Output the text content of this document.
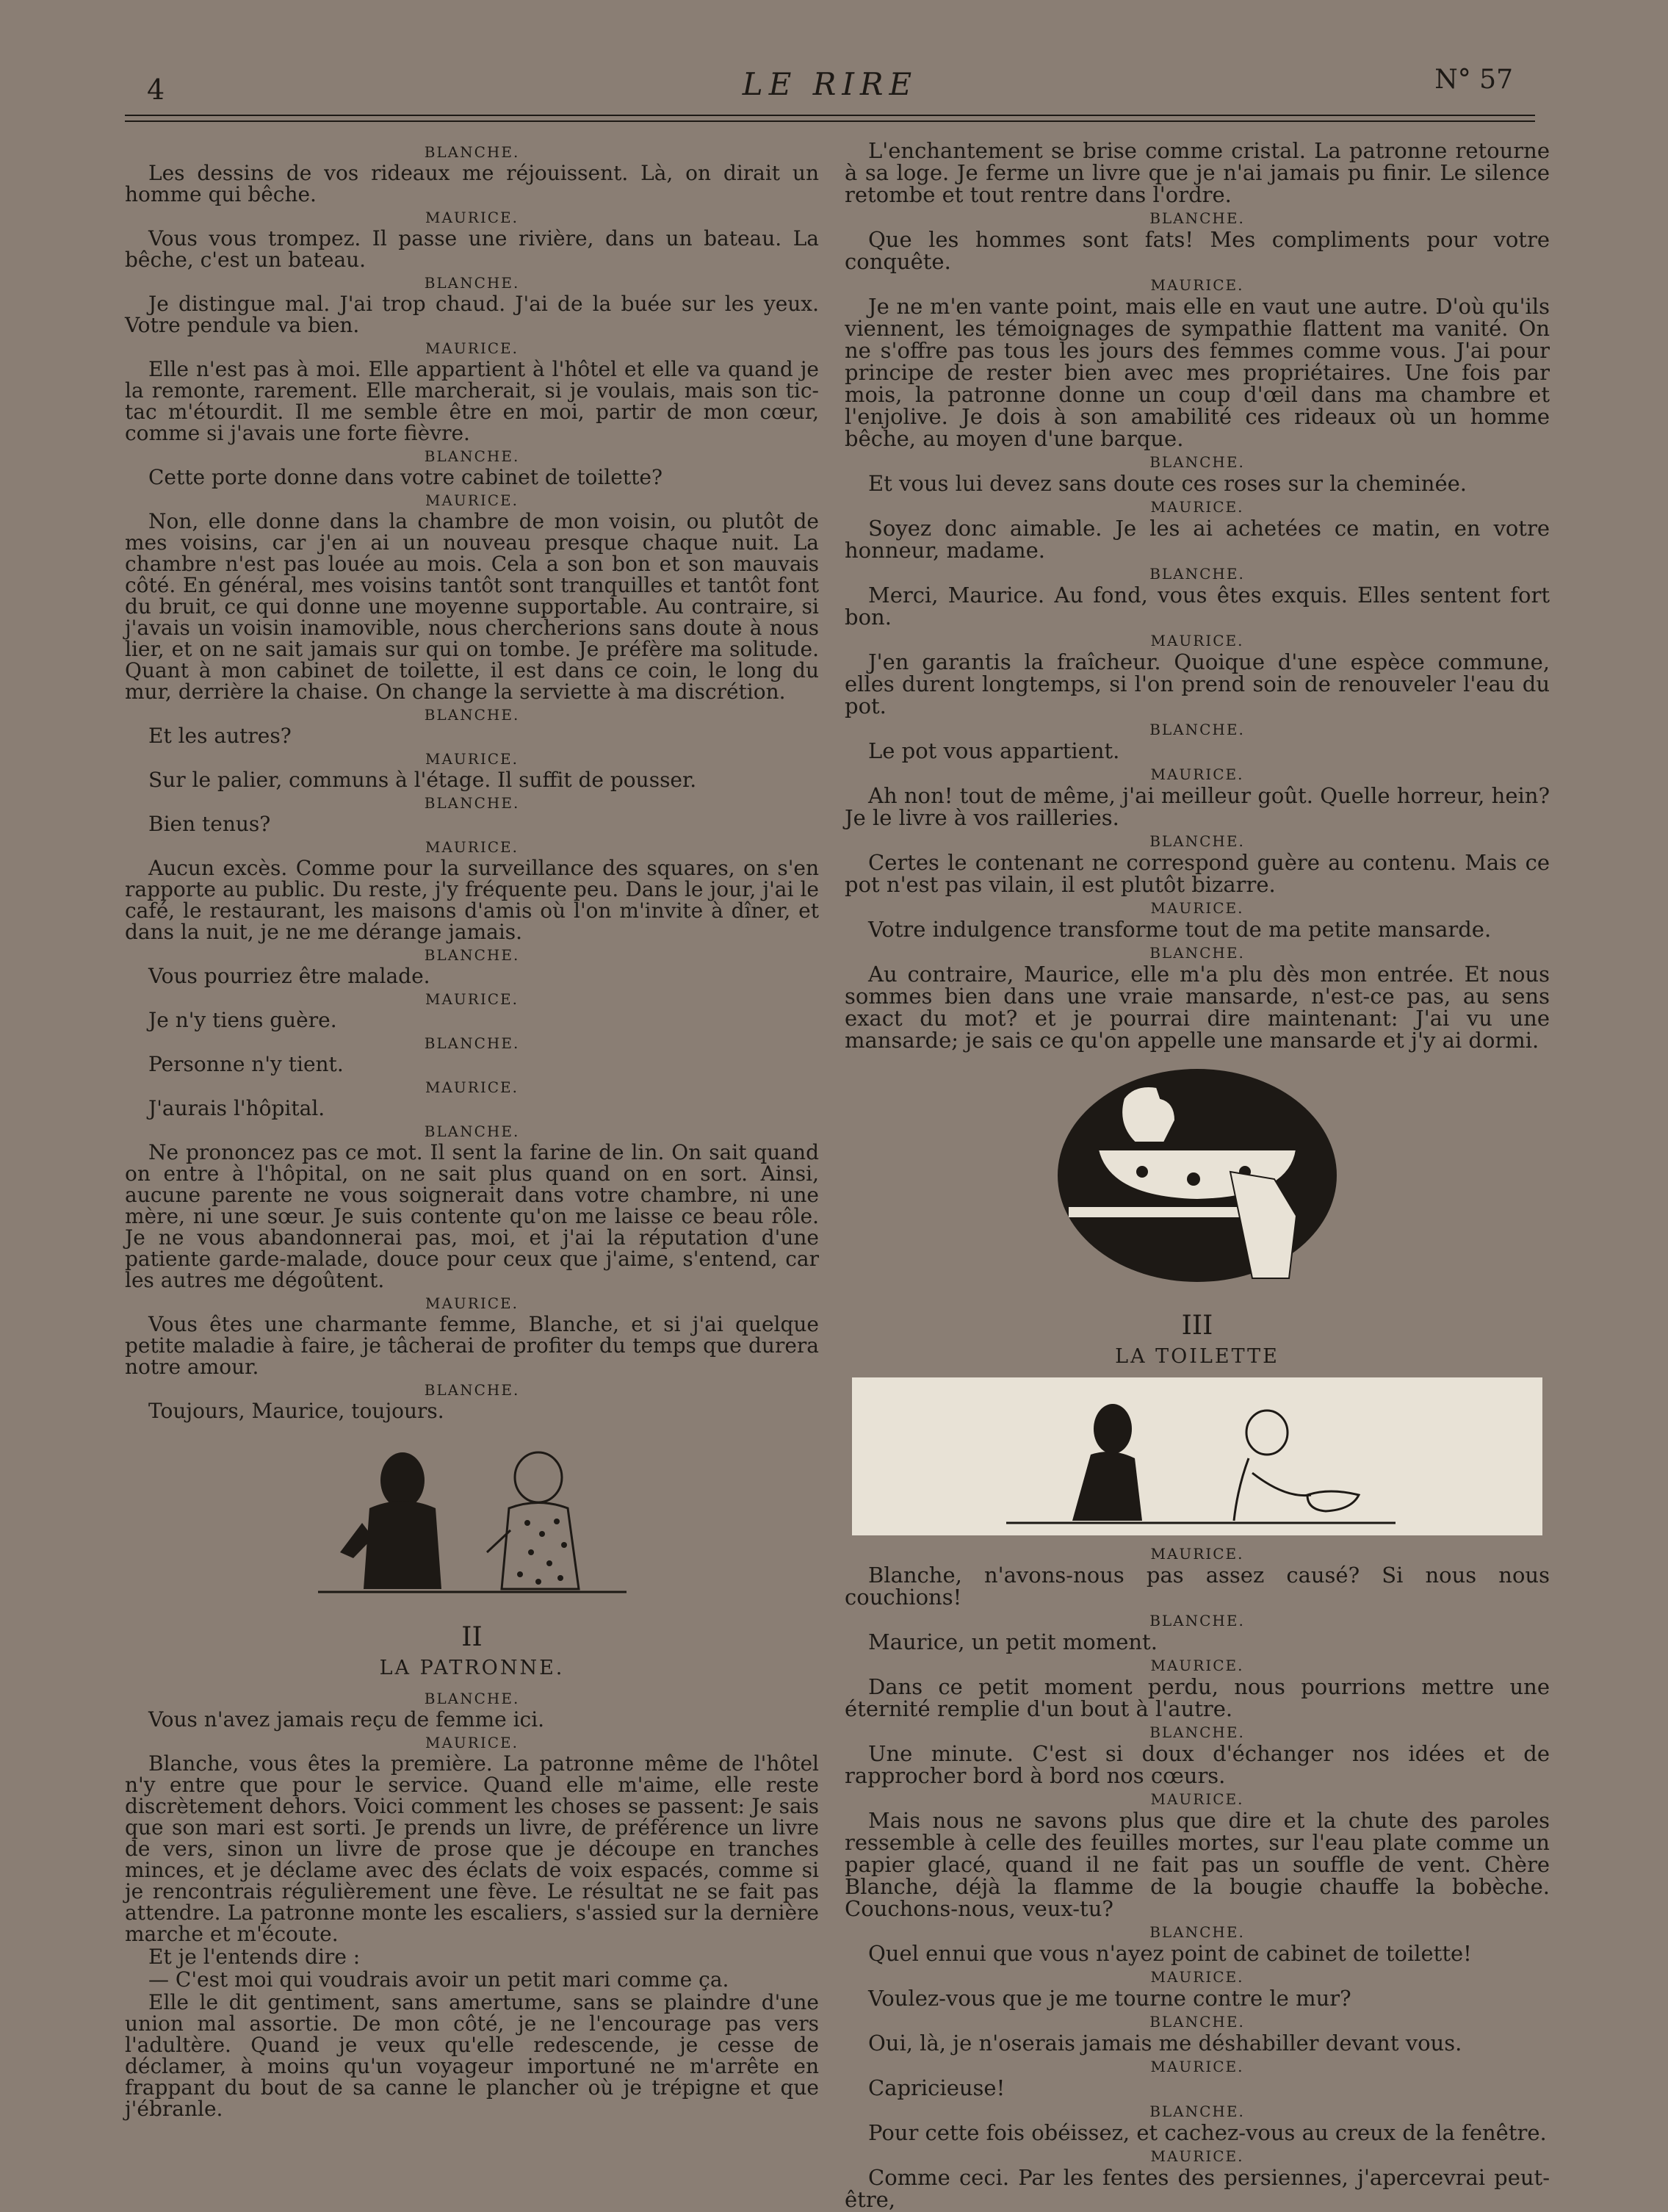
4	LE RIRE	N° 57
BLANCHE.
Les dessins de vos rideaux me réjouissent. Là, on dirait un homme qui bêche.
MAURICE.
Vous vous trompez. Il passe une rivière, dans un bateau. La bêche, c'est un bateau.
BLANCHE.
Je distingue mal. J'ai trop chaud. J'ai de la buée sur les yeux. Votre pendule va bien.
MAURICE.
Elle n'est pas à moi. Elle appartient à l'hôtel et elle va quand je la remonte, rarement. Elle marcherait, si je voulais, mais son tic-tac m'étourdit. Il me semble être en moi, partir de mon cœur, comme si j'avais une forte fièvre.
BLANCHE.
Cette porte donne dans votre cabinet de toilette?
MAURICE.
Non, elle donne dans la chambre de mon voisin, ou plutôt de mes voisins, car j'en ai un nouveau presque chaque nuit. La chambre n'est pas louée au mois. Cela a son bon et son mauvais côté. En général, mes voisins tantôt sont tranquilles et tantôt font du bruit, ce qui donne une moyenne supportable. Au contraire, si j'avais un voisin inamovible, nous chercherions sans doute à nous lier, et on ne sait jamais sur qui on tombe. Je préfère ma solitude. Quant à mon cabinet de toilette, il est dans ce coin, le long du mur, derrière la chaise. On change la serviette à ma discrétion.
BLANCHE.
Et les autres?
MAURICE.
Sur le palier, communs à l'étage. Il suffit de pousser.
BLANCHE.
Bien tenus?
MAURICE.
Aucun excès. Comme pour la surveillance des squares, on s'en rapporte au public. Du reste, j'y fréquente peu. Dans le jour, j'ai le café, le restaurant, les maisons d'amis où l'on m'invite à dîner, et dans la nuit, je ne me dérange jamais.
BLANCHE.
Vous pourriez être malade.
MAURICE.
Je n'y tiens guère.
BLANCHE.
Personne n'y tient.
MAURICE.
J'aurais l'hôpital.
BLANCHE.
Ne prononcez pas ce mot. Il sent la farine de lin. On sait quand on entre à l'hôpital, on ne sait plus quand on en sort. Ainsi, aucune parente ne vous soignerait dans votre chambre, ni une mère, ni une sœur. Je suis contente qu'on me laisse ce beau rôle. Je ne vous abandonnerai pas, moi, et j'ai la réputation d'une patiente garde-malade, douce pour ceux que j'aime, s'entend, car les autres me dégoûtent.
MAURICE.
Vous êtes une charmante femme, Blanche, et si j'ai quelque petite maladie à faire, je tâcherai de profiter du temps que durera notre amour.
BLANCHE.
Toujours, Maurice, toujours.
II
LA PATRONNE.
BLANCHE.
Vous n'avez jamais reçu de femme ici.
MAURICE.
Blanche, vous êtes la première. La patronne même de l'hôtel n'y entre que pour le service. Quand elle m'aime, elle reste discrètement dehors. Voici comment les choses se passent: Je sais que son mari est sorti. Je prends un livre, de préférence un livre de vers, sinon un livre de prose que je découpe en tranches minces, et je déclame avec des éclats de voix espacés, comme si je rencontrais régulièrement une fève. Le résultat ne se fait pas attendre. La patronne monte les escaliers, s'assied sur la dernière marche et m'écoute.
Et je l'entends dire :
— C'est moi qui voudrais avoir un petit mari comme ça.
Elle le dit gentiment, sans amertume, sans se plaindre d'une union mal assortie. De mon côté, je ne l'encourage pas vers l'adultère. Quand je veux qu'elle redescende, je cesse de déclamer, à moins qu'un voyageur importuné ne m'arrête en frappant du bout de sa canne le plancher où je trépigne et que j'ébranle.
L'enchantement se brise comme cristal. La patronne retourne à sa loge. Je ferme un livre que je n'ai jamais pu finir. Le silence retombe et tout rentre dans l'ordre.
BLANCHE.
Que les hommes sont fats! Mes compliments pour votre conquête.
MAURICE.
Je ne m'en vante point, mais elle en vaut une autre. D'où qu'ils viennent, les témoignages de sympathie flattent ma vanité. On ne s'offre pas tous les jours des femmes comme vous. J'ai pour principe de rester bien avec mes propriétaires. Une fois par mois, la patronne donne un coup d'œil dans ma chambre et l'enjolive. Je dois à son amabilité ces rideaux où un homme bêche, au moyen d'une barque.
BLANCHE.
Et vous lui devez sans doute ces roses sur la cheminée.
MAURICE.
Soyez donc aimable. Je les ai achetées ce matin, en votre honneur, madame.
BLANCHE.
Merci, Maurice. Au fond, vous êtes exquis. Elles sentent fort bon.
MAURICE.
J'en garantis la fraîcheur. Quoique d'une espèce commune, elles durent longtemps, si l'on prend soin de renouveler l'eau du pot.
BLANCHE.
Le pot vous appartient.
MAURICE.
Ah non! tout de même, j'ai meilleur goût. Quelle horreur, hein? Je le livre à vos railleries.
BLANCHE.
Certes le contenant ne correspond guère au contenu. Mais ce pot n'est pas vilain, il est plutôt bizarre.
MAURICE.
Votre indulgence transforme tout de ma petite mansarde.
BLANCHE.
Au contraire, Maurice, elle m'a plu dès mon entrée. Et nous sommes bien dans une vraie mansarde, n'est-ce pas, au sens exact du mot? et je pourrai dire maintenant: J'ai vu une mansarde; je sais ce qu'on appelle une mansarde et j'y ai dormi.
III
LA TOILETTE
MAURICE.
Blanche, n'avons-nous pas assez causé? Si nous nous couchions!
BLANCHE.
Maurice, un petit moment.
MAURICE.
Dans ce petit moment perdu, nous pourrions mettre une éternité remplie d'un bout à l'autre.
BLANCHE.
Une minute. C'est si doux d'échanger nos idées et de rapprocher bord à bord nos cœurs.
MAURICE.
Mais nous ne savons plus que dire et la chute des paroles ressemble à celle des feuilles mortes, sur l'eau plate comme un papier glacé, quand il ne fait pas un souffle de vent. Chère Blanche, déjà la flamme de la bougie chauffe la bobèche. Couchons-nous, veux-tu?
BLANCHE.
Quel ennui que vous n'ayez point de cabinet de toilette!
MAURICE.
Voulez-vous que je me tourne contre le mur?
BLANCHE.
Oui, là, je n'oserais jamais me déshabiller devant vous.
MAURICE.
Capricieuse!
BLANCHE.
Pour cette fois obéissez, et cachez-vous au creux de la fenêtre.
MAURICE.
Comme ceci. Par les fentes des persiennes, j'apercevrai peut-être,
